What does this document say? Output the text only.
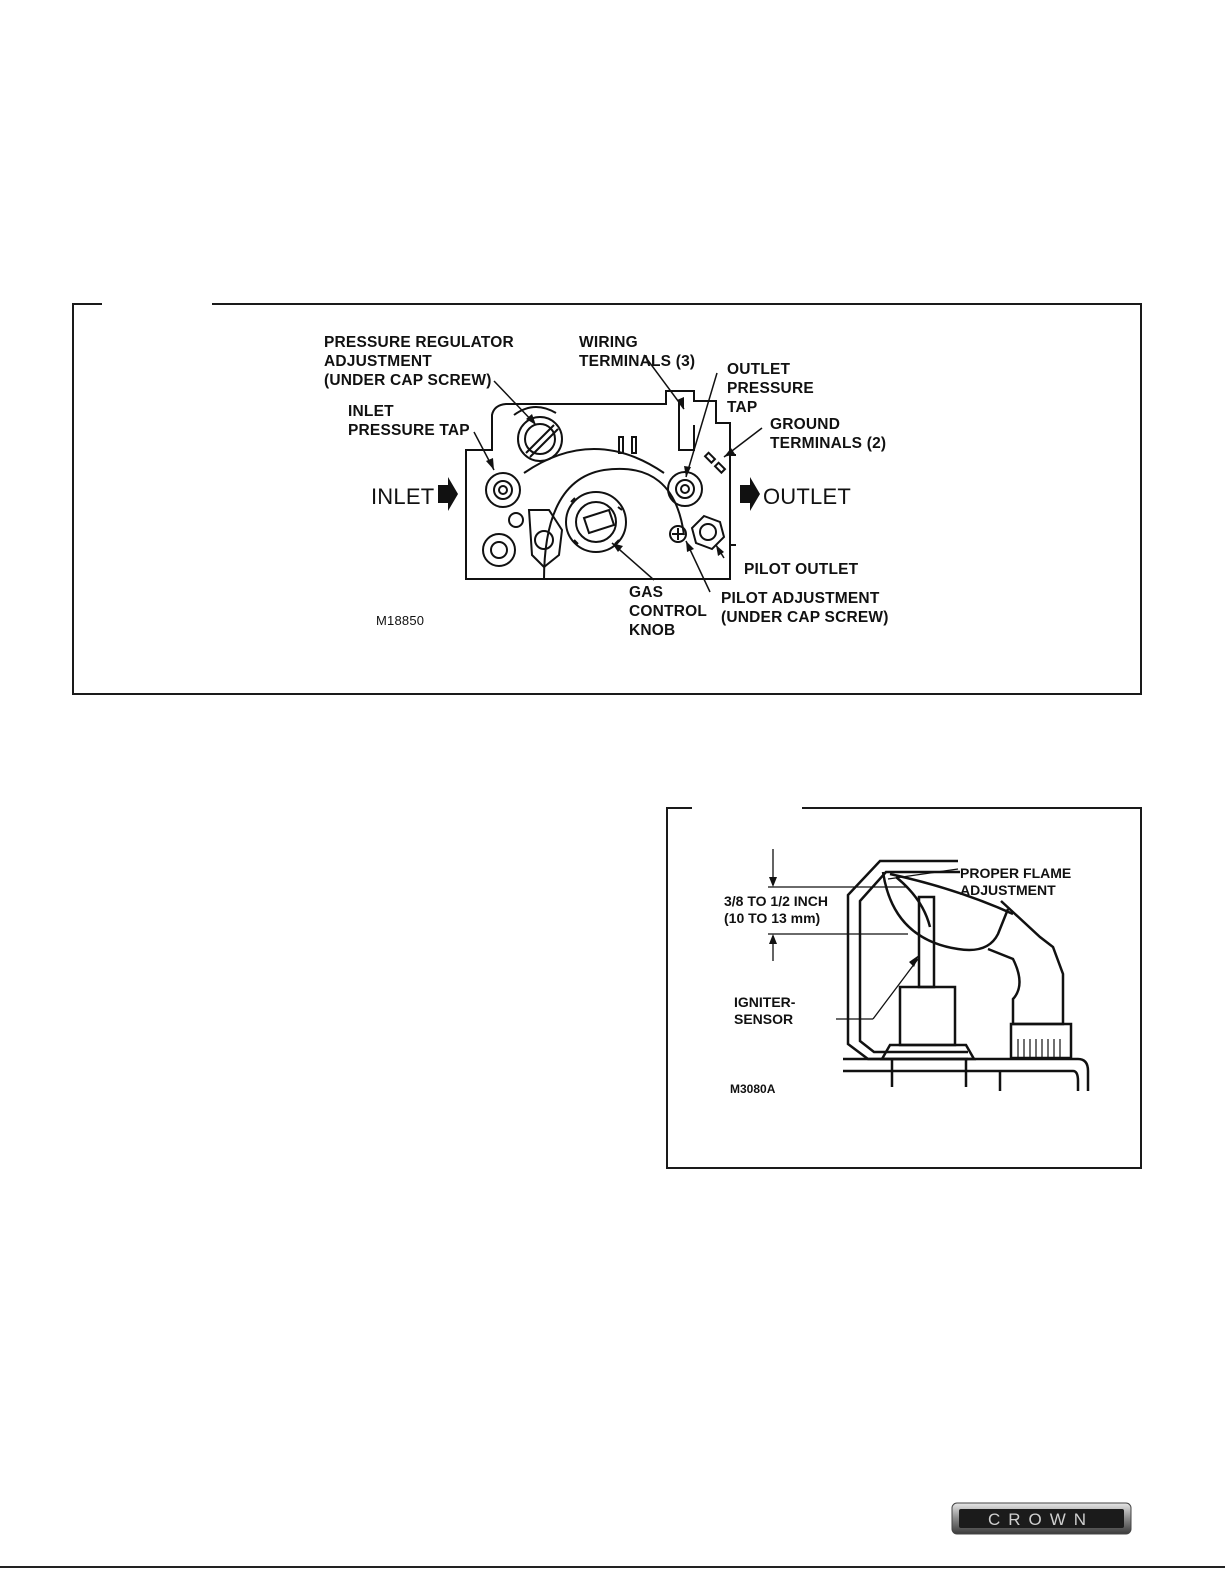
PRESSURE REGULATOR
ADJUSTMENT
(UNDER CAP SCREW)
WIRING
TERMINALS (3) OUTLET
PRESSURE
TAP
GROUND
TERMINALS (2)
INLET
PRESSURE TAP
INLET	OUTLET
PILOT OUTLET
PILOT ADJUSTMENT
(UNDER CAP SCREW)
GAS
CONTROL
KNOB
M18850
PROPER FLAME
ADJUSTMENT
3/8 TO 1/2 INCH
(10 TO 13 mm)
IGNITER-
SENSOR
M3080A
CROWN
